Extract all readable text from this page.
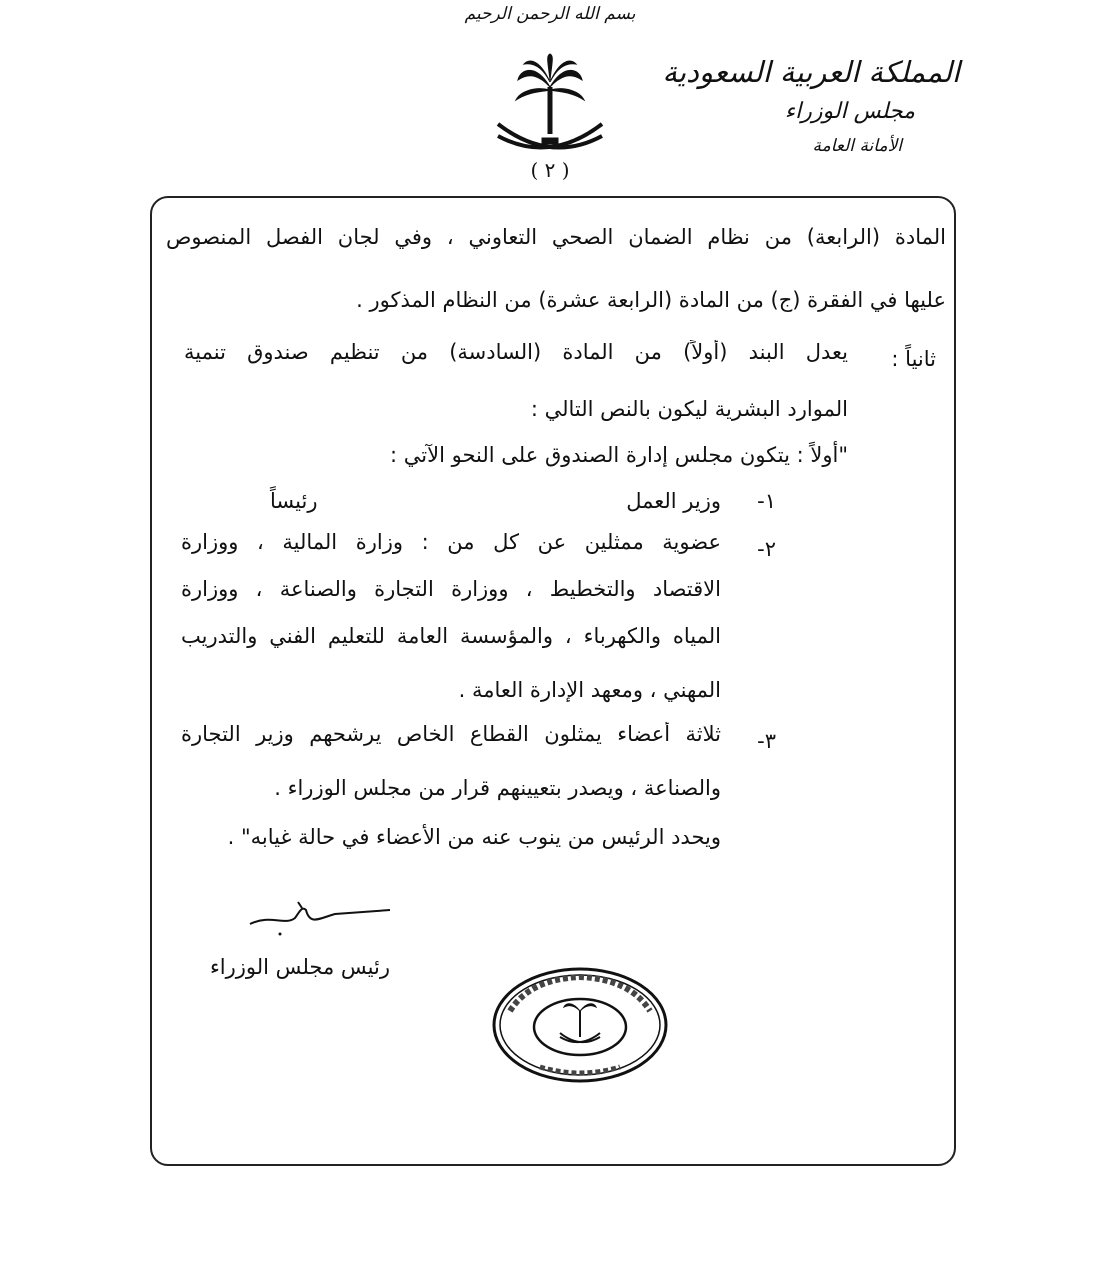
بسم الله الرحمن الرحيم
( ٢ )
المملكة العربية السعودية
مجلس الوزراء
الأمانة العامة
المادة (الرابعة) من نظام الضمان الصحي التعاوني ، وفي لجان الفصل المنصوص
عليها في الفقرة (ج) من المادة (الرابعة عشرة) من النظام المذكور .
ثانياً :
يعدل البند (أولاً) من المادة (السادسة) من تنظيم صندوق تنمية
الموارد البشرية ليكون بالنص التالي :
"أولاً : يتكون مجلس إدارة الصندوق على النحو الآتي :
١-
وزير العمل
رئيساً
٢-
عضوية ممثلين عن كل من : وزارة المالية ، ووزارة
الاقتصاد والتخطيط ، ووزارة التجارة والصناعة ، ووزارة
المياه والكهرباء ، والمؤسسة العامة للتعليم الفني والتدريب
المهني ، ومعهد الإدارة العامة .
٣-
ثلاثة أعضاء يمثلون القطاع الخاص يرشحهم وزير التجارة
والصناعة ، ويصدر بتعيينهم قرار من مجلس الوزراء .
ويحدد الرئيس من ينوب عنه من الأعضاء في حالة غيابه" .
رئيس مجلس الوزراء
